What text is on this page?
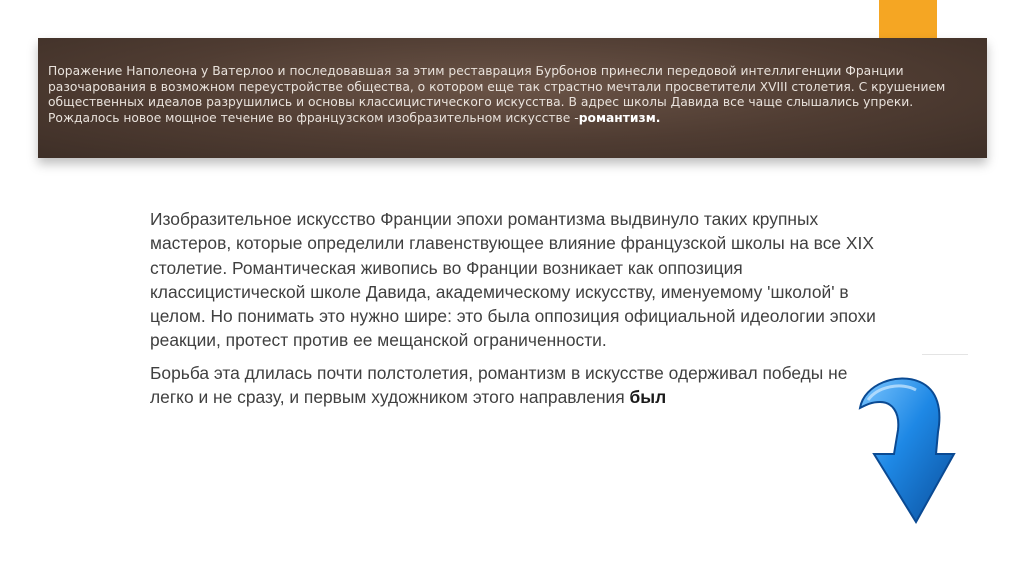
Поражение Наполеона у Ватерлоо и последовавшая за этим реставрация Бурбонов принесли передовой интеллигенции Франции разочарования в возможном переустройстве общества, о котором еще так страстно мечтали просветители XVIII столетия. С крушением общественных идеалов разрушились и основы классицистического искусства. В адрес школы Давида все чаще слышались упреки. Рождалось новое мощное течение во французском изобразительном искусстве -романтизм.

Изобразительное искусство Франции эпохи романтизма выдвинуло таких крупных мастеров, которые определили главенствующее влияние французской школы на все XIX столетие. Романтическая живопись во Франции возникает как оппозиция классицистической школе Давида, академическому искусству, именуемому 'школой' в целом. Но понимать это нужно шире: это была оппозиция официальной идеологии эпохи реакции, протест против ее мещанской ограниченности.

Борьба эта длилась почти полстолетия, романтизм в искусстве одерживал победы не легко и не сразу, и первым художником этого направления был
